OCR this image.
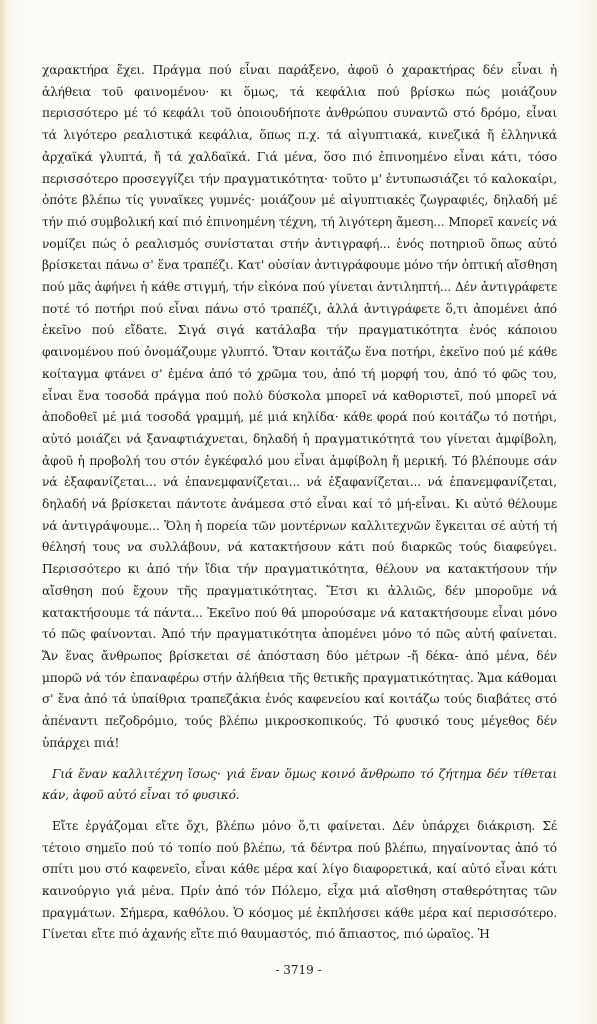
χαρακτήρα ἔχει. Πράγμα πού εἶναι παράξενο, ἀφοῦ ὁ χαρακτήρας δέν εἶναι ἡ ἀλήθεια τοῦ φαινομένου· κι ὅμως, τά κεφάλια πού βρίσκω πώς μοιάζουν περισσότερο μέ τό κεφάλι τοῦ ὁποιουδήποτε ἀνθρώπου συναντῶ στό δρόμο, εἶναι τά λιγότερο ρεαλιστικά κεφάλια, ὅπως π.χ. τά αἰγυπτιακά, κινεζικά ἤ ἑλληνικά ἀρχαϊκά γλυπτά, ἤ τά χαλδαϊκά. Γιά μένα, ὅσο πιό ἐπινοημένο εἶναι κάτι, τόσο περισσότερο προσεγγίζει τήν πραγματικότητα· τοῦτο μ' ἐντυπωσιάζει τό καλοκαίρι, ὁπότε βλέπω τίς γυναῖκες γυμνές· μοιάζουν μέ αἰγυπτιακές ζωγραφιές, δηλαδή μέ τήν πιό συμβολική καί πιό ἐπινοημένη τέχνη, τή λιγότερη ἄμεση... Μπορεῖ κανείς νά νομίζει πώς ὁ ρεαλισμός συνίσταται στήν ἀντιγραφή... ἑνός ποτηριοῦ ὅπως αὐτό βρίσκεται πάνω σ' ἕνα τραπέζι. Κατ' οὐσίαν ἀντιγράφουμε μόνο τήν ὀπτική αἴσθηση πού μᾶς ἀφήνει ἡ κάθε στιγμή, τήν εἰκόνα πού γίνεται ἀντιληπτή... Δέν ἀντιγράφετε ποτέ τό ποτήρι πού εἶναι πάνω στό τραπέζι, ἀλλά ἀντιγράφετε ὅ,τι ἀπομένει ἀπό ἐκεῖνο πού εἴδατε. Σιγά σιγά κατάλαβα τήν πραγματικότητα ἑνός κάποιου φαινομένου πού ὀνομάζουμε γλυπτό. Ὅταν κοιτάζω ἕνα ποτήρι, ἐκεῖνο πού μέ κάθε κοίταγμα φτάνει σ' ἐμένα ἀπό τό χρῶμα του, ἀπό τή μορφή του, ἀπό τό φῶς του, εἶναι ἕνα τοσοδά πράγμα πού πολύ δύσκολα μπορεῖ νά καθοριστεῖ, πού μπορεῖ νά ἀποδοθεῖ μέ μιά τοσοδά γραμμή, μέ μιά κηλίδα· κάθε φορά πού κοιτάζω τό ποτήρι, αὐτό μοιάζει νά ξαναφτιάχνεται, δηλαδή ἡ πραγματικότητά του γίνεται ἀμφίβολη, ἀφοῦ ἡ προβολή του στόν ἐγκέφαλό μου εἶναι ἀμφίβολη ἤ μερική. Τό βλέπουμε σάν νά ἐξαφανίζεται... νά ἐπανεμφανίζεται... νά ἐξαφανίζεται... νά ἐπανεμφανίζεται, δηλαδή νά βρίσκεται πάντοτε ἀνάμεσα στό εἶναι καί τό μή-εἶναι. Κι αὐτό θέλουμε νά ἀντιγράψουμε... Ὅλη ἡ πορεία τῶν μοντέρνων καλλιτεχνῶν ἔγκειται σέ αὐτή τή θέλησή τους να συλλάβουν, νά κατακτήσουν κάτι πού διαρκῶς τούς διαφεύγει. Περισσότερο κι ἀπό τήν ἴδια τήν πραγματικότητα, θέλουν να κατακτήσουν τήν αἴσθηση πού ἔχουν τῆς πραγματικότητας. Ἔτσι κι ἀλλιῶς, δέν μποροῦμε νά κατακτήσουμε τά πάντα... Ἐκεῖνο πού θά μπορούσαμε νά κατακτήσουμε εἶναι μόνο τό πῶς φαίνονται. Ἀπό τήν πραγματικότητα ἀπομένει μόνο τό πῶς αὐτή φαίνεται. Ἄν ἕνας ἄνθρωπος βρίσκεται σέ ἀπόσταση δύο μέτρων -ἤ δέκα- ἀπό μένα, δέν μπορῶ νά τόν ἐπαναφέρω στήν ἀλήθεια τῆς θετικῆς πραγματικότητας. Ἅμα κάθομαι σ' ἕνα ἀπό τά ὑπαίθρια τραπεζάκια ἑνός καφενείου καί κοιτάζω τούς διαβάτες στό ἀπέναντι πεζοδρόμιο, τούς βλέπω μικροσκοπικούς. Τό φυσικό τους μέγεθος δέν ὑπάρχει πιά!

Γιά ἕναν καλλιτέχνη ἴσως· γιά ἕναν ὅμως κοινό ἄνθρωπο τό ζήτημα δέν τίθεται κάν, ἀφοῦ αὐτό εἶναι τό φυσικό.

Εἴτε ἐργάζομαι εἴτε ὄχι, βλέπω μόνο ὅ,τι φαίνεται. Δέν ὑπάρχει διάκριση. Σέ τέτοιο σημεῖο πού τό τοπίο πού βλέπω, τά δέντρα πού βλέπω, πηγαίνοντας ἀπό τό σπίτι μου στό καφενεῖο, εἶναι κάθε μέρα καί λίγο διαφορετικά, καί αὐτό εἶναι κάτι καινούργιο γιά μένα. Πρίν ἀπό τόν Πόλεμο, εἶχα μιά αἴσθηση σταθερότητας τῶν πραγμάτων. Σήμερα, καθόλου. Ὁ κόσμος μέ ἐκπλήσσει κάθε μέρα καί περισσότερο. Γίνεται εἴτε πιό ἀχανής εἴτε πιό θαυμαστός, πιό ἄπιαστος, πιό ὡραῖος. Ἡ

- 3719 -
